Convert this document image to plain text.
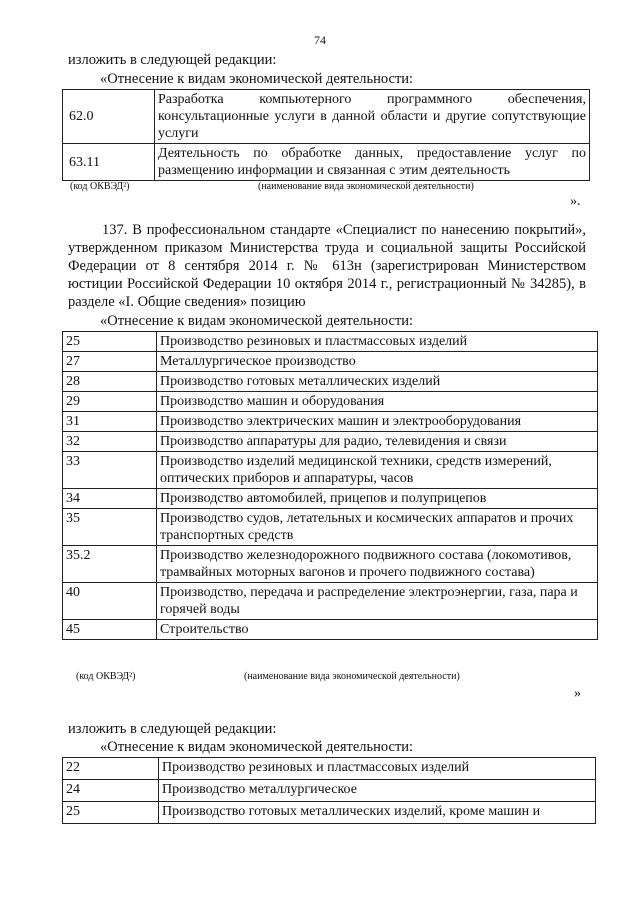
74
изложить в следующей редакции:
«Отнесение к видам экономической деятельности:
62.0	Разработка компьютерного программного обеспечения, консультационные услуги в данной области и другие сопутствующие услуги
63.11	Деятельность по обработке данных, предоставление услуг по размещению информации и связанная с этим деятельность
(код ОКВЭД²)	(наименование вида экономической деятельности)
».
137. В профессиональном стандарте «Специалист по нанесению покрытий», утвержденном приказом Министерства труда и социальной защиты Российской Федерации от 8 сентября 2014 г. № 613н (зарегистрирован Министерством юстиции Российской Федерации 10 октября 2014 г., регистрационный № 34285), в разделе «I. Общие сведения» позицию
«Отнесение к видам экономической деятельности:
25	Производство резиновых и пластмассовых изделий
27	Металлургическое производство
28	Производство готовых металлических изделий
29	Производство машин и оборудования
31	Производство электрических машин и электрооборудования
32	Производство аппаратуры для радио, телевидения и связи
33	Производство изделий медицинской техники, средств измерений, оптических приборов и аппаратуры, часов
34	Производство автомобилей, прицепов и полуприцепов
35	Производство судов, летательных и космических аппаратов и прочих транспортных средств
35.2	Производство железнодорожного подвижного состава (локомотивов, трамвайных моторных вагонов и прочего подвижного состава)
40	Производство, передача и распределение электроэнергии, газа, пара и горячей воды
45	Строительство
(код ОКВЭД²)	(наименование вида экономической деятельности)
»
изложить в следующей редакции:
«Отнесение к видам экономической деятельности:
22	Производство резиновых и пластмассовых изделий
24	Производство металлургическое
25	Производство готовых металлических изделий, кроме машин и
